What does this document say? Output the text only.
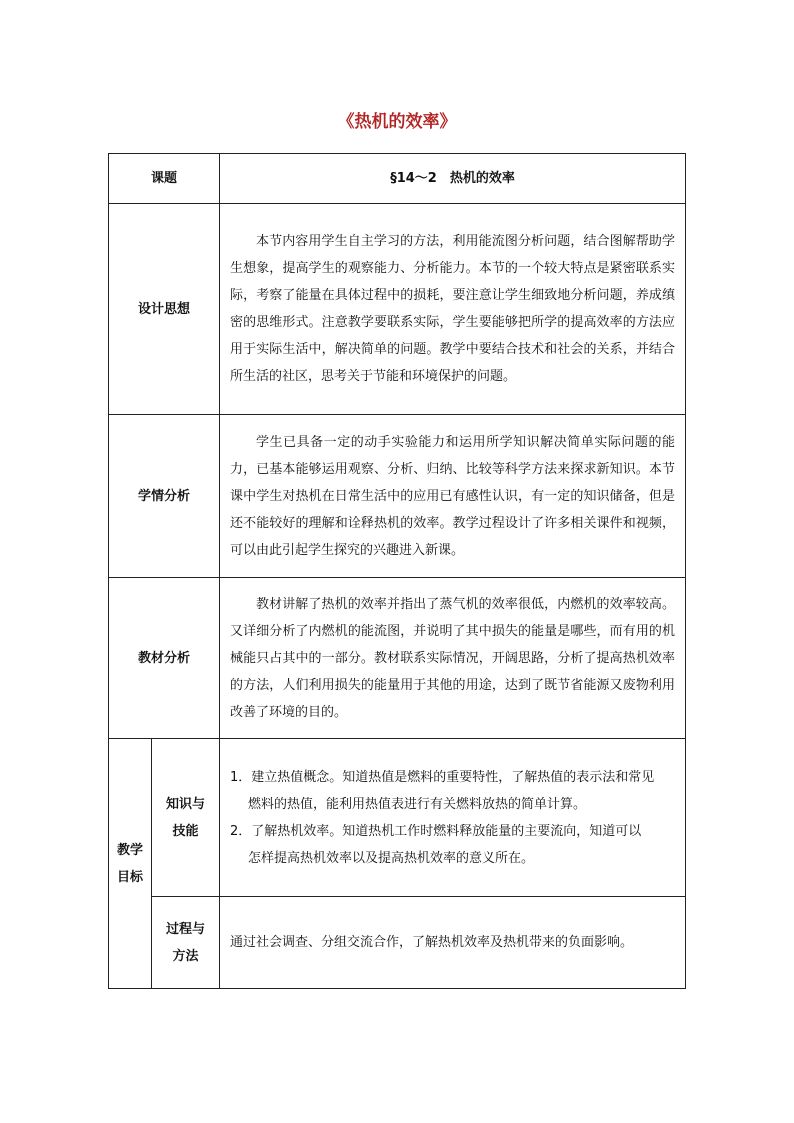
《热机的效率》
课题		§14～2　热机的效率
设计思想		本节内容用学生自主学习的方法，利用能流图分析问题，结合图解帮助学生想象，提高学生的观察能力、分析能力。本节的一个较大特点是紧密联系实际，考察了能量在具体过程中的损耗，要注意让学生细致地分析问题，养成缜密的思维形式。注意教学要联系实际，学生要能够把所学的提高效率的方法应用于实际生活中，解决简单的问题。教学中要结合技术和社会的关系，并结合所生活的社区，思考关于节能和环境保护的问题。

学情分析		学生已具备一定的动手实验能力和运用所学知识解决简单实际问题的能力，已基本能够运用观察、分析、归纳、比较等科学方法来探求新知识。本节课中学生对热机在日常生活中的应用已有感性认识，有一定的知识储备，但是还不能较好的理解和诠释热机的效率。教学过程设计了许多相关课件和视频，可以由此引起学生探究的兴趣进入新课。

教材分析		教材讲解了热机的效率并指出了蒸气机的效率很低，内燃机的效率较高。又详细分析了内燃机的能流图，并说明了其中损失的能量是哪些，而有用的机械能只占其中的一部分。教材联系实际情况，开阔思路，分析了提高热机效率的方法，人们利用损失的能量用于其他的用途，达到了既节省能源又废物利用改善了环境的目的。

教学目标	知识与技能	1．建立热值概念。知道热值是燃料的重要特性，了解热值的表示法和常见

燃料的热值，能利用热值表进行有关燃料放热的简单计算。

2．了解热机效率。知道热机工作时燃料释放能量的主要流向，知道可以

怎样提高热机效率以及提高热机效率的意义所在。

	过程与方法	通过社会调查、分组交流合作，了解热机效率及热机带来的负面影响。
